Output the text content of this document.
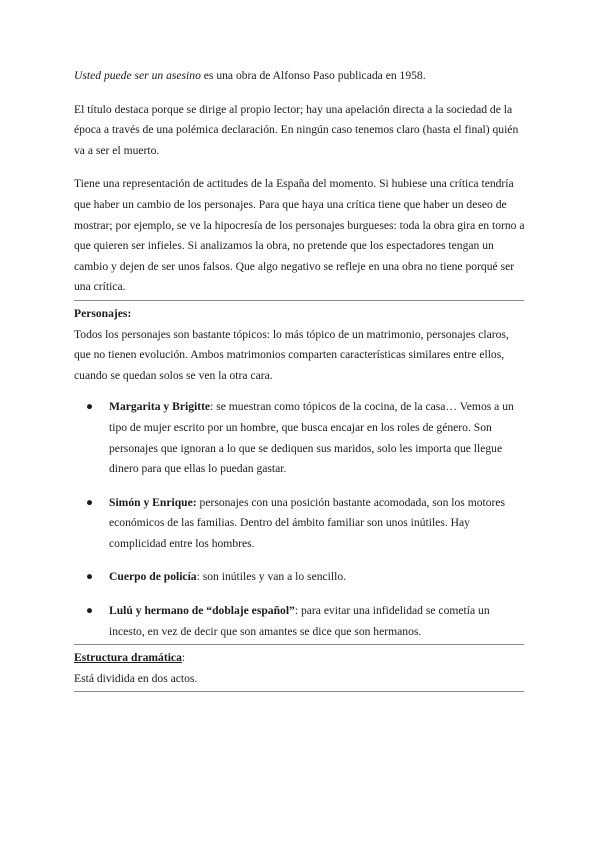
Usted puede ser un asesino es una obra de Alfonso Paso publicada en 1958.

El título destaca porque se dirige al propio lector; hay una apelación directa a la sociedad de la época a través de una polémica declaración. En ningún caso tenemos claro (hasta el final) quién va a ser el muerto.

Tiene una representación de actitudes de la España del momento. Si hubiese una crítica tendría que haber un cambio de los personajes. Para que haya una crítica tiene que haber un deseo de mostrar; por ejemplo, se ve la hipocresía de los personajes burgueses: toda la obra gira en torno a que quieren ser infieles. Si analizamos la obra, no pretende que los espectadores tengan un cambio y dejen de ser unos falsos. Que algo negativo se refleje en una obra no tiene porqué ser una crítica.

Personajes:

Todos los personajes son bastante tópicos: lo más tópico de un matrimonio, personajes claros, que no tienen evolución. Ambos matrimonios comparten características similares entre ellos, cuando se quedan solos se ven la otra cara.

● Margarita y Brigitte: se muestran como tópicos de la cocina, de la casa… Vemos a un tipo de mujer escrito por un hombre, que busca encajar en los roles de género. Son personajes que ignoran a lo que se dediquen sus maridos, solo les importa que llegue dinero para que ellas lo puedan gastar.
● Simón y Enrique: personajes con una posición bastante acomodada, son los motores económicos de las familias. Dentro del ámbito familiar son unos inútiles. Hay complicidad entre los hombres.
● Cuerpo de policía: son inútiles y van a lo sencillo.
● Lulú y hermano de “doblaje español”: para evitar una infidelidad se cometía un incesto, en vez de decir que son amantes se dice que son hermanos.
Estructura dramática:

Está dividida en dos actos.
